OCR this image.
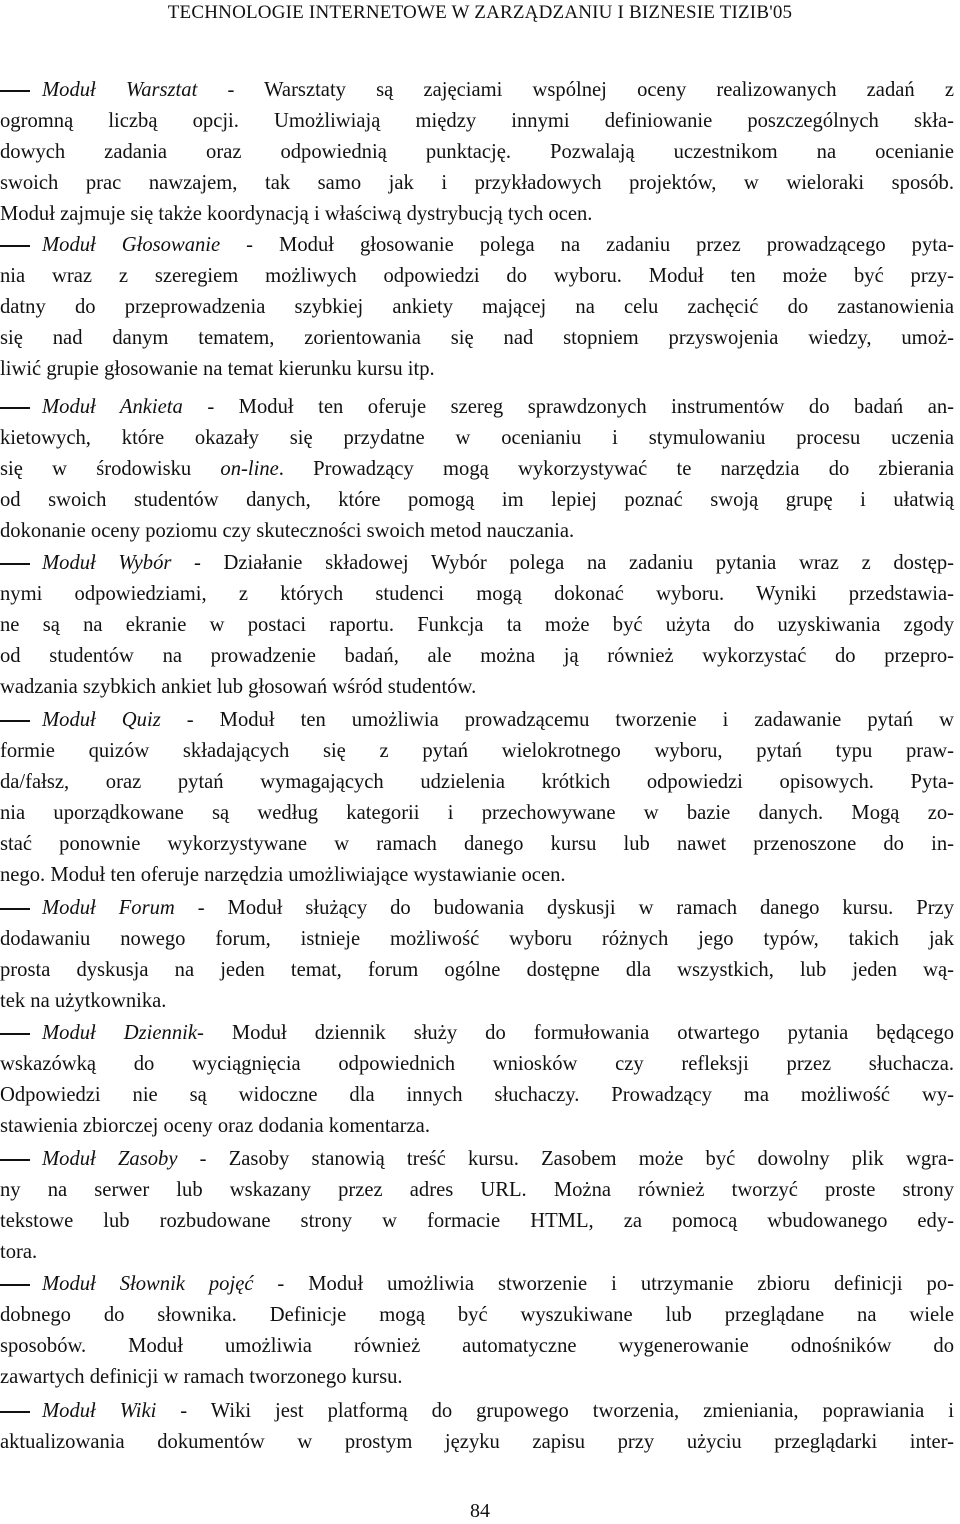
TECHNOLOGIE INTERNETOWE W ZARZĄDZANIU I BIZNESIE TIZIB'05
Moduł Warsztat - Warsztaty są zajęciami wspólnej oceny realizowanych zadań z
ogromną liczbą opcji. Umożliwiają między innymi definiowanie poszczególnych skła-
dowych zadania oraz odpowiednią punktację. Pozwalają uczestnikom na ocenianie
swoich prac nawzajem, tak samo jak i przykładowych projektów, w wieloraki sposób.
Moduł zajmuje się także koordynacją i właściwą dystrybucją tych ocen.
Moduł Głosowanie - Moduł głosowanie polega na zadaniu przez prowadzącego pyta-
nia wraz z szeregiem możliwych odpowiedzi do wyboru. Moduł ten może być przy-
datny do przeprowadzenia szybkiej ankiety mającej na celu zachęcić do zastanowienia
się nad danym tematem, zorientowania się nad stopniem przyswojenia wiedzy, umoż-
liwić grupie głosowanie na temat kierunku kursu itp.
Moduł Ankieta - Moduł ten oferuje szereg sprawdzonych instrumentów do badań an-
kietowych, które okazały się przydatne w ocenianiu i stymulowaniu procesu uczenia
się w środowisku on-line. Prowadzący mogą wykorzystywać te narzędzia do zbierania
od swoich studentów danych, które pomogą im lepiej poznać swoją grupę i ułatwią
dokonanie oceny poziomu czy skuteczności swoich metod nauczania.
Moduł Wybór - Działanie składowej Wybór polega na zadaniu pytania wraz z dostęp-
nymi odpowiedziami, z których studenci mogą dokonać wyboru. Wyniki przedstawia-
ne są na ekranie w postaci raportu. Funkcja ta może być użyta do uzyskiwania zgody
od studentów na prowadzenie badań, ale można ją również wykorzystać do przepro-
wadzania szybkich ankiet lub głosowań wśród studentów.
Moduł Quiz - Moduł ten umożliwia prowadzącemu tworzenie i zadawanie pytań w
formie quizów składających się z pytań wielokrotnego wyboru, pytań typu praw-
da/fałsz, oraz pytań wymagających udzielenia krótkich odpowiedzi opisowych. Pyta-
nia uporządkowane są według kategorii i przechowywane w bazie danych. Mogą zo-
stać ponownie wykorzystywane w ramach danego kursu lub nawet przenoszone do in-
nego. Moduł ten oferuje narzędzia umożliwiające wystawianie ocen.
Moduł Forum - Moduł służący do budowania dyskusji w ramach danego kursu. Przy
dodawaniu nowego forum, istnieje możliwość wyboru różnych jego typów, takich jak
prosta dyskusja na jeden temat, forum ogólne dostępne dla wszystkich, lub jeden wą-
tek na użytkownika.
Moduł Dziennik- Moduł dziennik służy do formułowania otwartego pytania będącego
wskazówką do wyciągnięcia odpowiednich wniosków czy refleksji przez słuchacza.
Odpowiedzi nie są widoczne dla innych słuchaczy. Prowadzący ma możliwość wy-
stawienia zbiorczej oceny oraz dodania komentarza.
Moduł Zasoby - Zasoby stanowią treść kursu. Zasobem może być dowolny plik wgra-
ny na serwer lub wskazany przez adres URL. Można również tworzyć proste strony
tekstowe lub rozbudowane strony w formacie HTML, za pomocą wbudowanego edy-
tora.
Moduł Słownik pojęć - Moduł umożliwia stworzenie i utrzymanie zbioru definicji po-
dobnego do słownika. Definicje mogą być wyszukiwane lub przeglądane na wiele
sposobów. Moduł umożliwia również automatyczne wygenerowanie odnośników do
zawartych definicji w ramach tworzonego kursu.
Moduł Wiki - Wiki jest platformą do grupowego tworzenia, zmieniania, poprawiania i
aktualizowania dokumentów w prostym języku zapisu przy użyciu przeglądarki inter-
84
